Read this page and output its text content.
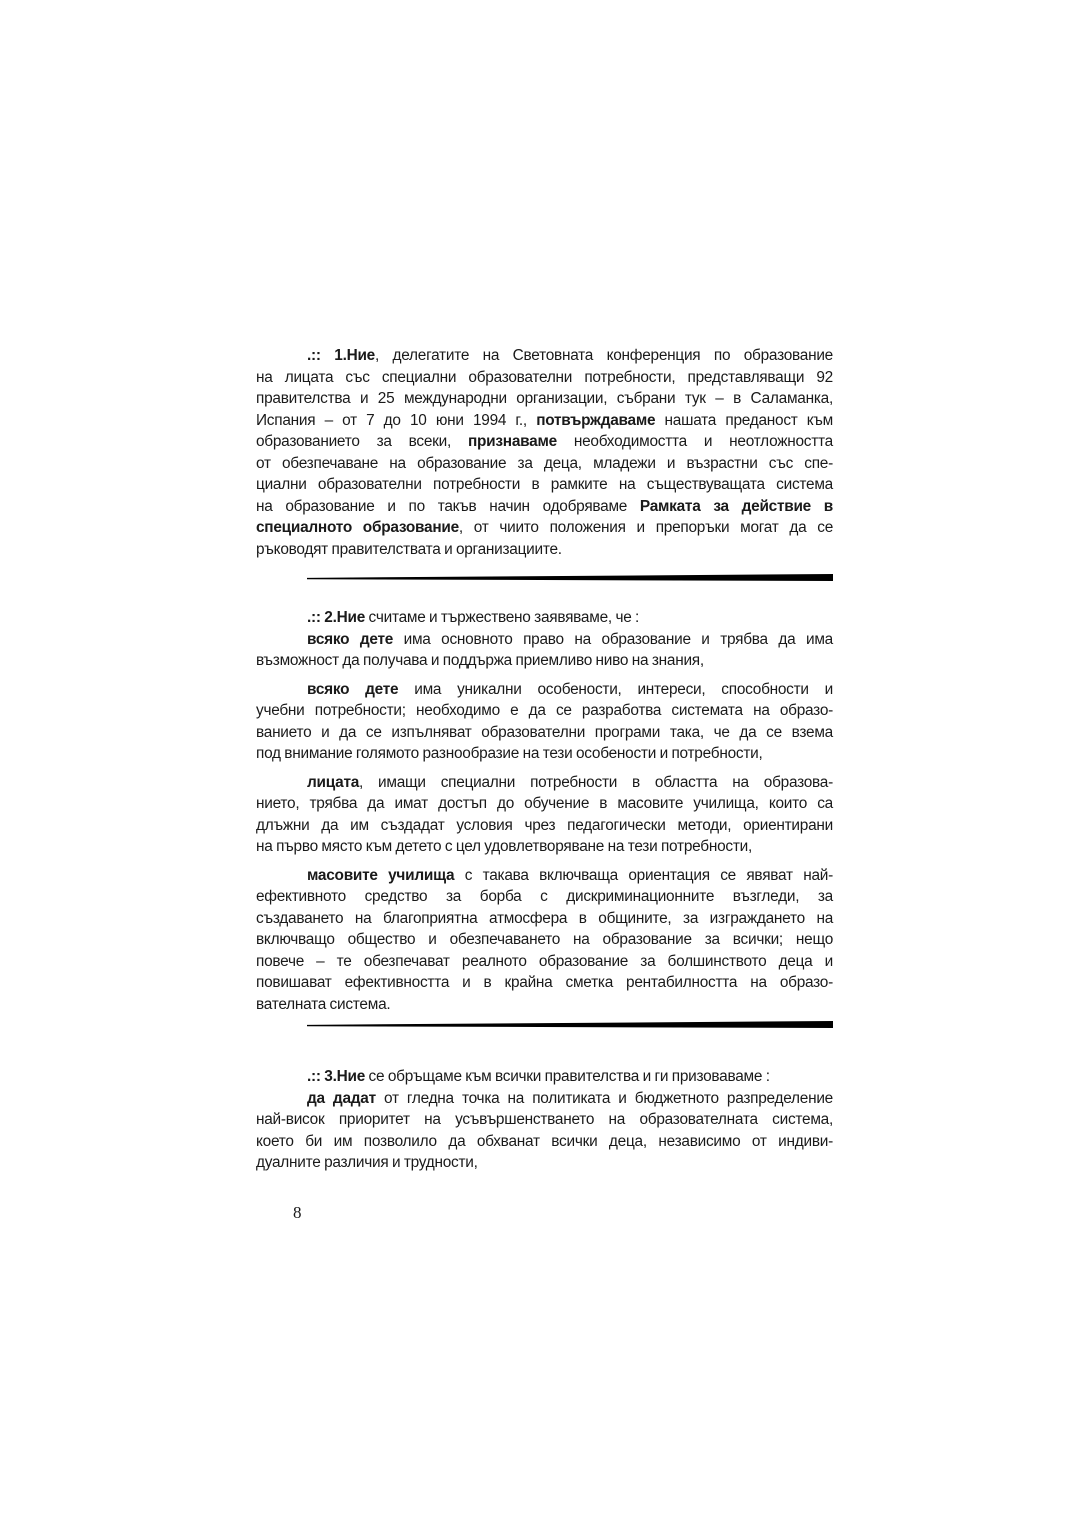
.:: 1.Ние, делегатите на Световната конференция по образование
на лицата със специални образователни потребности, представляващи 92
правителства и 25 международни организации, събрани тук – в Саламанка,
Испания – от 7 до 10 юни 1994 г., потвърждаваме нашата преданост към
образованието за всеки, признаваме необходимостта и неотложността
от обезпечаване на образование за деца, младежи и възрастни със спе-
циални образователни потребности в рамките на съществуващата система
на образование и по такъв начин одобряваме Рамката за действие в
специалното образование, от чиито положения и препоръки могат да се
ръководят правителствата и организациите.
.:: 2.Ние считаме и тържествено заявяваме, че :
всяко дете има основното право на образование и трябва да има
възможност да получава и поддържа приемливо ниво на знания,
всяко дете има уникални особености, интереси, способности и
учебни потребности; необходимо е да се разработва системата на образо-
ванието и да се изпълняват образователни програми така, че да се взема
под внимание голямото разнообразие на тези особености и потребности,
лицата, имащи специални потребности в областта на образова-
нието, трябва да имат достъп до обучение в масовите училища, които са
длъжни да им създадат условия чрез педагогически методи, ориентирани
на първо място към детето с цел удовлетворяване на тези потребности,
масовите училища с такава включваща ориентация се явяват най-
ефективното средство за борба с дискриминационните възгледи, за
създаването на благоприятна атмосфера в общините, за изграждането на
включващо общество и обезпечаването на образование за всички; нещо
повече – те обезпечават реалното образование за болшинството деца и
повишават ефективността и в крайна сметка рентабилността на образо-
вателната система.
.:: 3.Ние се обръщаме към всички правителства и ги призоваваме :
да дадат от гледна точка на политиката и бюджетното разпределение
най-висок приоритет на усъвършенстването на образователната система,
което би им позволило да обхванат всички деца, независимо от индиви-
дуалните различия и трудности,
8
